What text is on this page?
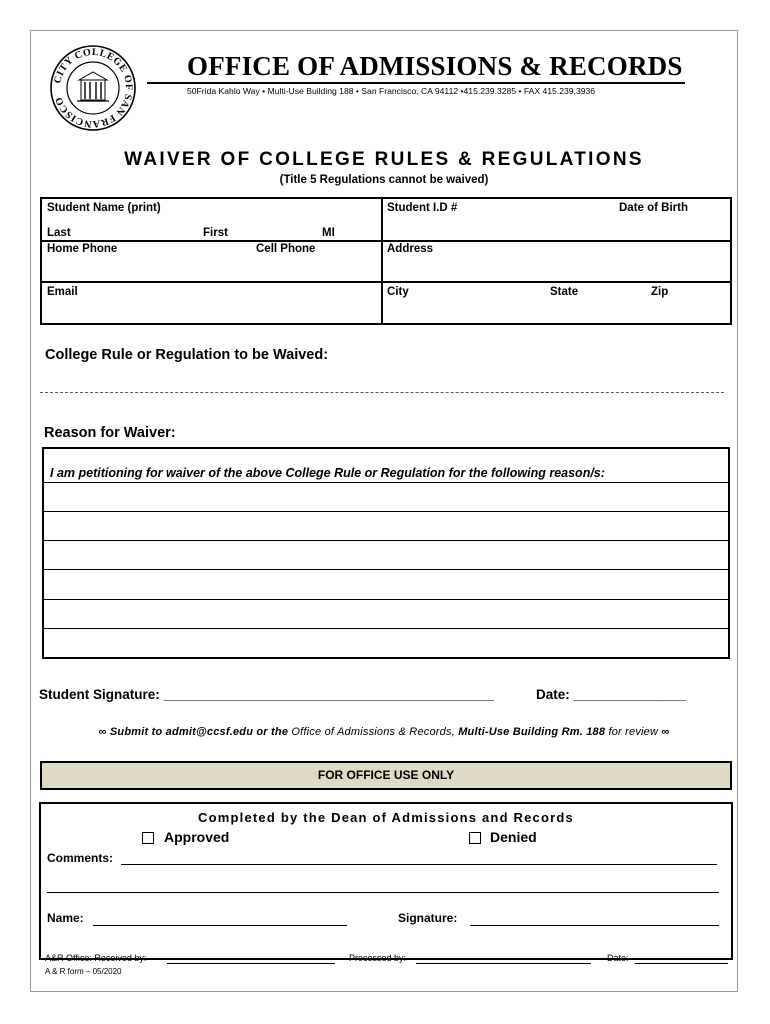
CITY COLLEGE OF SAN FRANCISCO
OFFICE OF ADMISSIONS & RECORDS
50Frida Kahlo Way • Multi-Use Building 188 • San Francisco, CA 94112 •415.239.3285 • FAX 415.239.3936
WAIVER OF COLLEGE RULES & REGULATIONS
(Title 5 Regulations cannot be waived)
Student Name (print)
Last	First	MI
Student I.D #	Date of Birth
Home Phone	Cell Phone	Address
Email	City	State	Zip
College Rule or Regulation to be Waived:
Reason for Waiver:
I am petitioning for waiver of the above College Rule or Regulation for the following reason/s:
Student Signature: ____________________________________________	Date: _______________
∞ Submit to admit@ccsf.edu or the Office of Admissions & Records, Multi-Use Building Rm. 188 for review ∞
FOR OFFICE USE ONLY
Completed by the Dean of Admissions and Records
Approved	Denied
Comments:
Name:	Signature:
A&R Office: Received by:	Processed by:	Date:
A & R form – 05/2020
